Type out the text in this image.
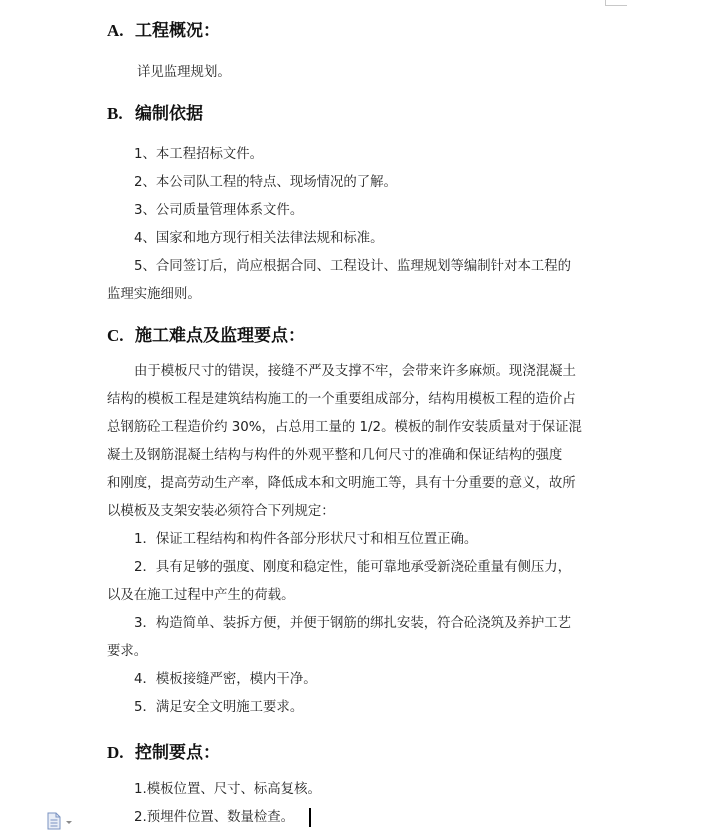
A. 工程概况：
详见监理规划。
B. 编制依据
1、本工程招标文件。
2、本公司队工程的特点、现场情况的了解。
3、公司质量管理体系文件。
4、国家和地方现行相关法律法规和标准。
5、合同签订后，尚应根据合同、工程设计、监理规划等编制针对本工程的
监理实施细则。
C. 施工难点及监理要点：
由于模板尺寸的错误，接缝不严及支撑不牢，会带来许多麻烦。现浇混凝土
结构的模板工程是建筑结构施工的一个重要组成部分，结构用模板工程的造价占
总钢筋砼工程造价约 30%，占总用工量的 1/2。模板的制作安装质量对于保证混
凝土及钢筋混凝土结构与构件的外观平整和几何尺寸的准确和保证结构的强度
和刚度，提高劳动生产率，降低成本和文明施工等，具有十分重要的意义，故所
以模板及支架安装必须符合下列规定：
1．保证工程结构和构件各部分形状尺寸和相互位置正确。
2．具有足够的强度、刚度和稳定性，能可靠地承受新浇砼重量有侧压力，
以及在施工过程中产生的荷载。
3．构造简单、装拆方便，并便于钢筋的绑扎安装，符合砼浇筑及养护工艺
要求。
4．模板接缝严密，模内干净。
5．满足安全文明施工要求。
D. 控制要点：
1.模板位置、尺寸、标高复核。
2.预埋件位置、数量检查。
